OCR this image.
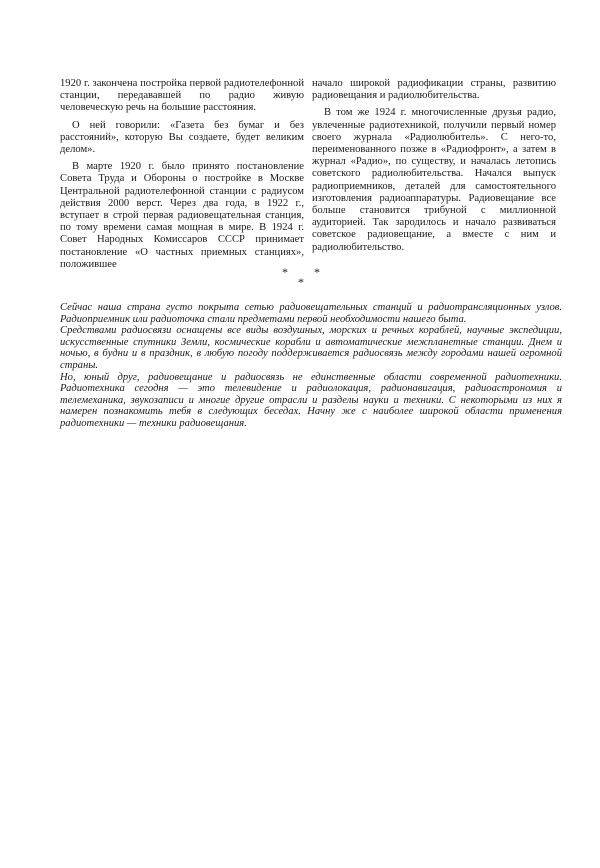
1920 г. закончена постройка первой радиотелефонной станции, передававшей по радио живую человеческую речь на большие расстояния.

О ней говорили: «Газета без бумаг и без расстояний», которую Вы создаете, будет великим делом».

В марте 1920 г. было принято постановление Совета Труда и Обороны о постройке в Москве Центральной радиотелефонной станции с радиусом действия 2000 верст. Через два года, в 1922 г., вступает в строй первая радиовещательная станция, по тому времени самая мощная в мире. В 1924 г. Совет Народных Комиссаров СССР принимает постановление «О частных приемных станциях», положившее

начало широкой радиофикации страны, развитию радиовещания и радиолюбительства.

В том же 1924 г. многочисленные друзья радио, увлеченные радиотехникой, получили первый номер своего журнала «Радиолюбитель». С него-то, переименованного позже в «Радиофронт», а затем в журнал «Радио», по существу, и началась летопись советского радиолюбительства. Начался выпуск радиоприемников, деталей для самостоятельного изготовления радиоаппаратуры. Радиовещание все больше становится трибуной с миллионной аудиторией. Так зародилось и начало развиваться советское радиовещание, а вместе с ним и радиолюбительство.

* *
*

Сейчас наша страна густо покрыта сетью радиовещательных станций и радиотрансляционных узлов. Радиоприемник или радиоточка стали предметами первой необходимости нашего быта.

Средствами радиосвязи оснащены все виды воздушных, морских и речных кораблей, научные экспедиции, искусственные спутники Земли, космические корабли и автоматические межпланетные станции. Днем и ночью, в будни и в праздник, в любую погоду поддерживается радиосвязь между городами нашей огромной страны.

Но, юный друг, радиовещание и радиосвязь не единственные области современной радиотехники. Радиотехника сегодня — это телевидение и радиолокация, радионавигация, радиоастрономия и телемеханика, звукозаписи и многие другие отрасли и разделы науки и техники. С некоторыми из них я намерен познакомить тебя в следующих беседах. Начну же с наиболее широкой области применения радиотехники — техники радиовещания.
